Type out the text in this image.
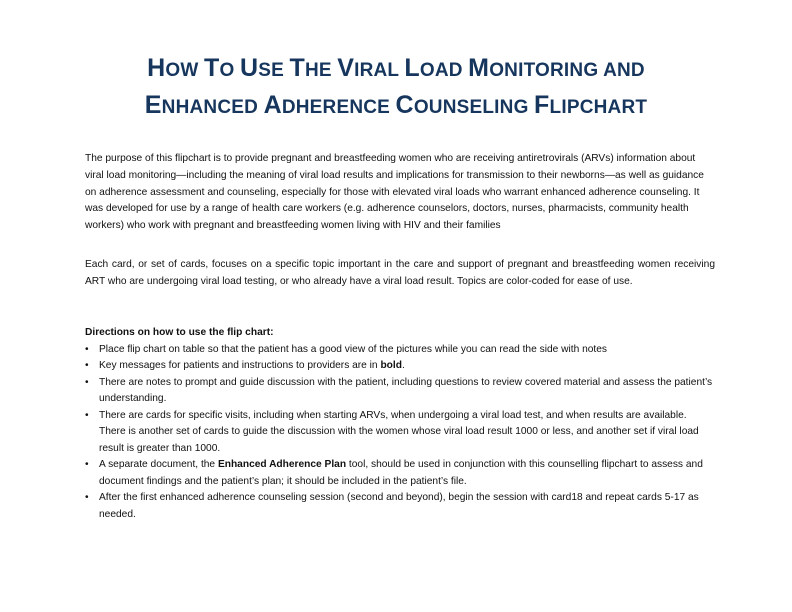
HOW TO USE THE VIRAL LOAD MONITORING AND
ENHANCED ADHERENCE COUNSELING FLIPCHART

The purpose of this flipchart is to provide pregnant and breastfeeding women who are receiving antiretrovirals (ARVs) information about viral load monitoring—including the meaning of viral load results and implications for transmission to their newborns—as well as guidance on adherence assessment and counseling, especially for those with elevated viral loads who warrant enhanced adherence counseling. It was developed for use by a range of health care workers (e.g. adherence counselors, doctors, nurses, pharmacists, community health workers) who work with pregnant and breastfeeding women living with HIV and their families

Each card, or set of cards, focuses on a specific topic important in the care and support of pregnant and breastfeeding women receiving ART who are undergoing viral load testing, or who already have a viral load result. Topics are color-coded for ease of use.

Directions on how to use the flip chart:
• Place flip chart on table so that the patient has a good view of the pictures while you can read the side with notes
• Key messages for patients and instructions to providers are in bold.
• There are notes to prompt and guide discussion with the patient, including questions to review covered material and assess the patient’s understanding.
• There are cards for specific visits, including when starting ARVs, when undergoing a viral load test, and when results are available. There is another set of cards to guide the discussion with the women whose viral load result 1000 or less, and another set if viral load result is greater than 1000.
• A separate document, the Enhanced Adherence Plan tool, should be used in conjunction with this counselling flipchart to assess and document findings and the patient’s plan; it should be included in the patient’s file.
• After the first enhanced adherence counseling session (second and beyond), begin the session with card18 and repeat cards 5-17 as needed.
